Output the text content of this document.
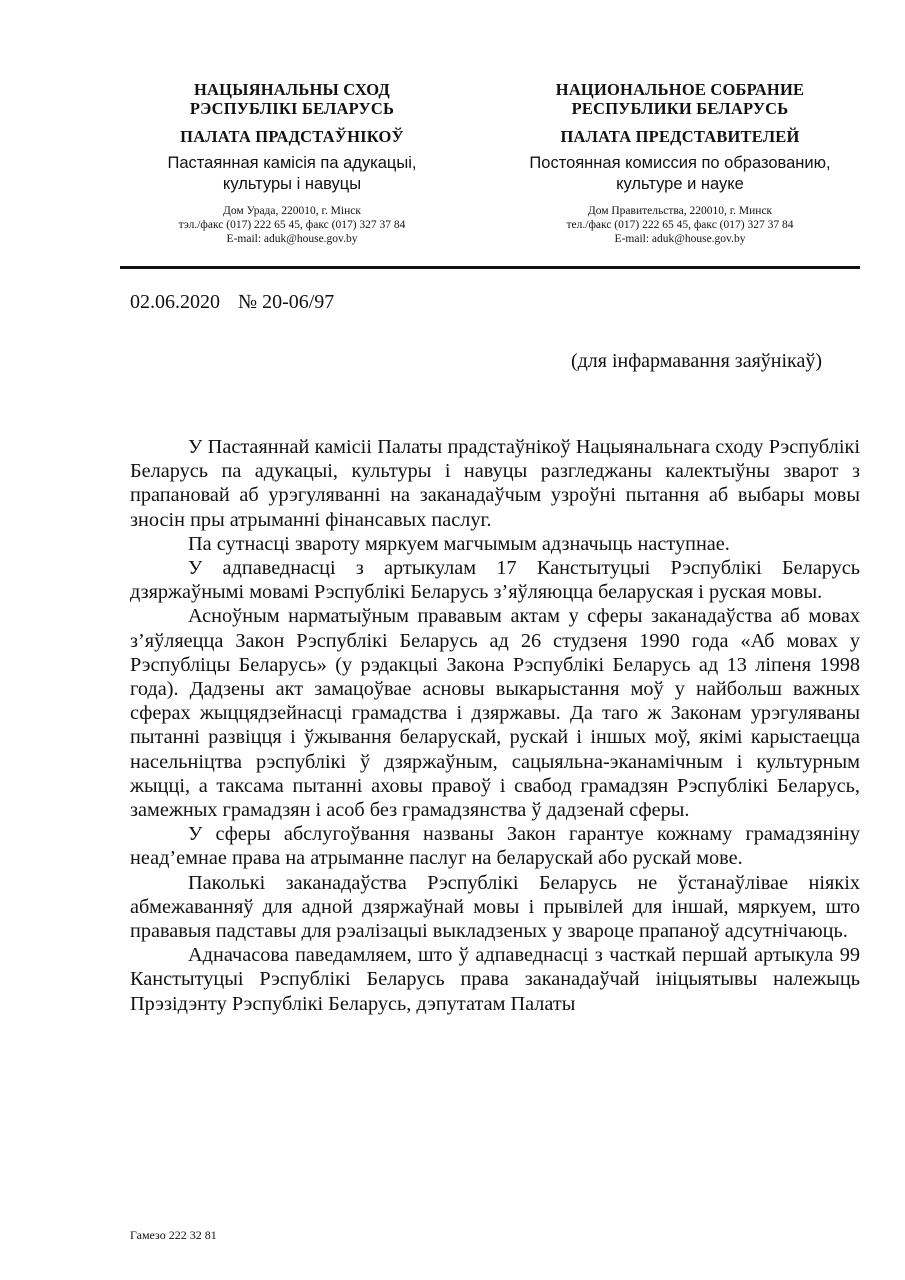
НАЦЫЯНАЛЬНЫ СХОД
РЭСПУБЛІКІ БЕЛАРУСЬ
ПАЛАТА ПРАДСТАЎНІКОЎ
Пастаянная камісія па адукацыі,
культуры і навуцы
Дом Урада, 220010, г. Мінск
тэл./факс (017) 222 65 45, факс (017) 327 37 84
E-mail: aduk@house.gov.by
НАЦИОНАЛЬНОЕ СОБРАНИЕ
РЕСПУБЛИКИ БЕЛАРУСЬ
ПАЛАТА ПРЕДСТАВИТЕЛЕЙ
Постоянная комиссия по образованию,
культуре и науке
Дом Правительства, 220010, г. Минск
тел./факс (017) 222 65 45, факс (017) 327 37 84
E-mail: aduk@house.gov.by
02.06.2020 № 20-06/97
(для інфармавання заяўнікаў)

У Пастаяннай камісіі Палаты прадстаўнікоў Нацыянальнага сходу Рэспублікі Беларусь па адукацыі, культуры і навуцы разгледжаны калектыўны зварот з прапановай аб урэгуляванні на заканадаўчым узроўні пытання аб выбары мовы зносін пры атрыманні фінансавых паслуг.

Па сутнасці звароту мяркуем магчымым адзначыць наступнае.

У адпаведнасці з артыкулам 17 Канстытуцыі Рэспублікі Беларусь дзяржаўнымі мовамі Рэспублікі Беларусь з’яўляюцца беларуская і руская мовы.

Асноўным нарматыўным прававым актам у сферы заканадаўства аб мовах з’яўляецца Закон Рэспублікі Беларусь ад 26 студзеня 1990 года «Аб мовах у Рэспубліцы Беларусь» (у рэдакцыі Закона Рэспублікі Беларусь ад 13 ліпеня 1998 года). Дадзены акт замацоўвае асновы выкарыстання моў у найбольш важных сферах жыццядзейнасці грамадства і дзяржавы. Да таго ж Законам урэгуляваны пытанні развіцця і ўжывання беларускай, рускай і іншых моў, якімі карыстаецца насельніцтва рэспублікі ў дзяржаўным, сацыяльна-эканамічным і культурным жыцці, а таксама пытанні аховы правоў і свабод грамадзян Рэспублікі Беларусь, замежных грамадзян і асоб без грамадзянства ў дадзенай сферы.

У сферы абслугоўвання названы Закон гарантуе кожнаму грамадзяніну неад’емнае права на атрыманне паслуг на беларускай або рускай мове.

Паколькі заканадаўства Рэспублікі Беларусь не ўстанаўлівае ніякіх абмежаванняў для адной дзяржаўнай мовы і прывілей для іншай, мяркуем, што прававыя падставы для рэалізацыі выкладзеных у звароце прапаноў адсутнічаюць.

Адначасова паведамляем, што ў адпаведнасці з часткай першай артыкула 99 Канстытуцыі Рэспублікі Беларусь права заканадаўчай ініцыятывы належыць Прэзідэнту Рэспублікі Беларусь, дэпутатам Палаты

Гамезо 222 32 81
